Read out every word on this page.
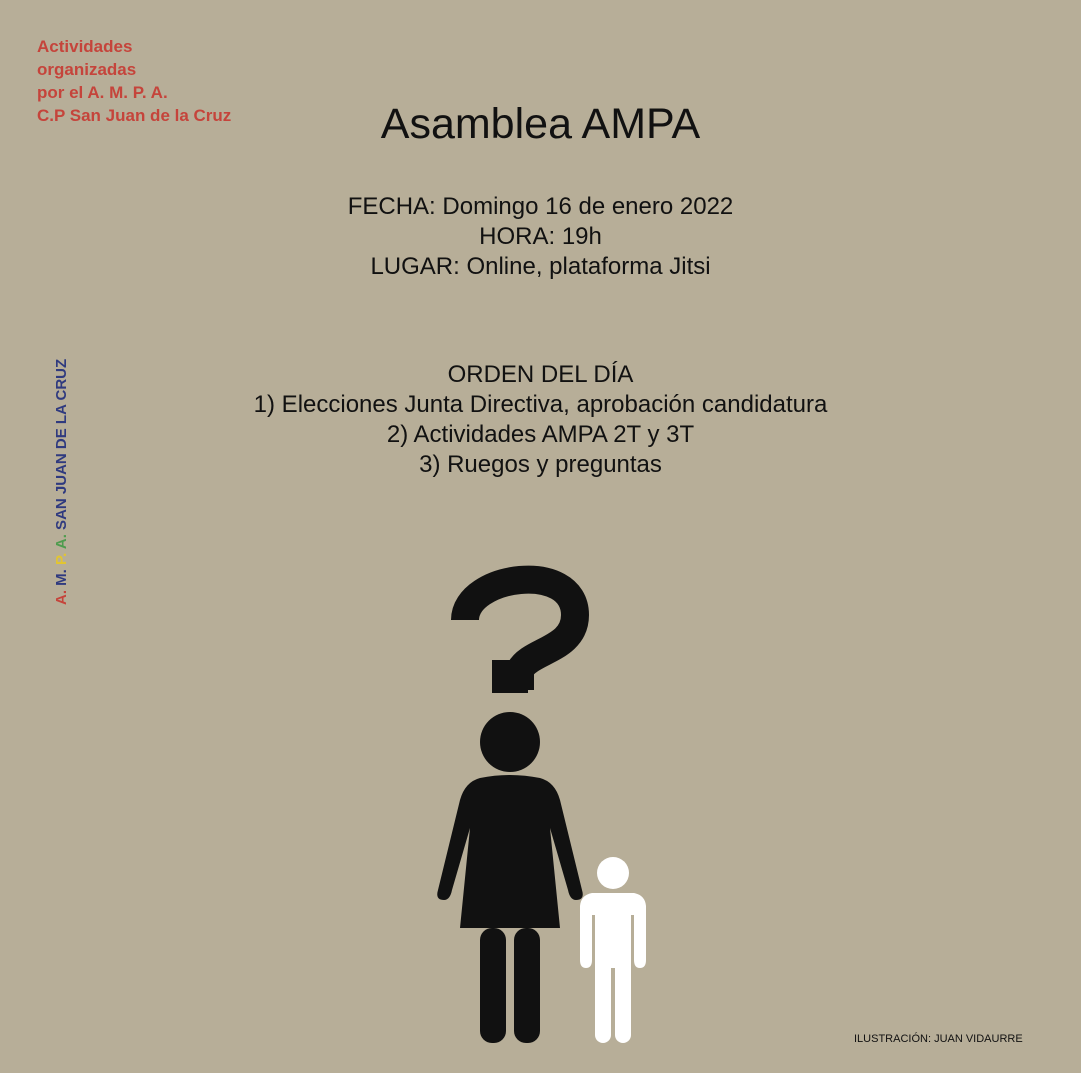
Actividades
organizadas
por el A. M. P. A.
C.P San Juan de la Cruz	Asamblea AMPA
FECHA: Domingo 16 de enero 2022
HORA: 19h
LUGAR: Online, plataforma Jitsi
ORDEN DEL DÍA
1) Elecciones Junta Directiva, aprobación candidatura
2) Actividades AMPA 2T y 3T
3) Ruegos y preguntas
A. M. P. A. SAN JUAN DE LA CRUZ
ILUSTRACIÓN: JUAN VIDAURRE
